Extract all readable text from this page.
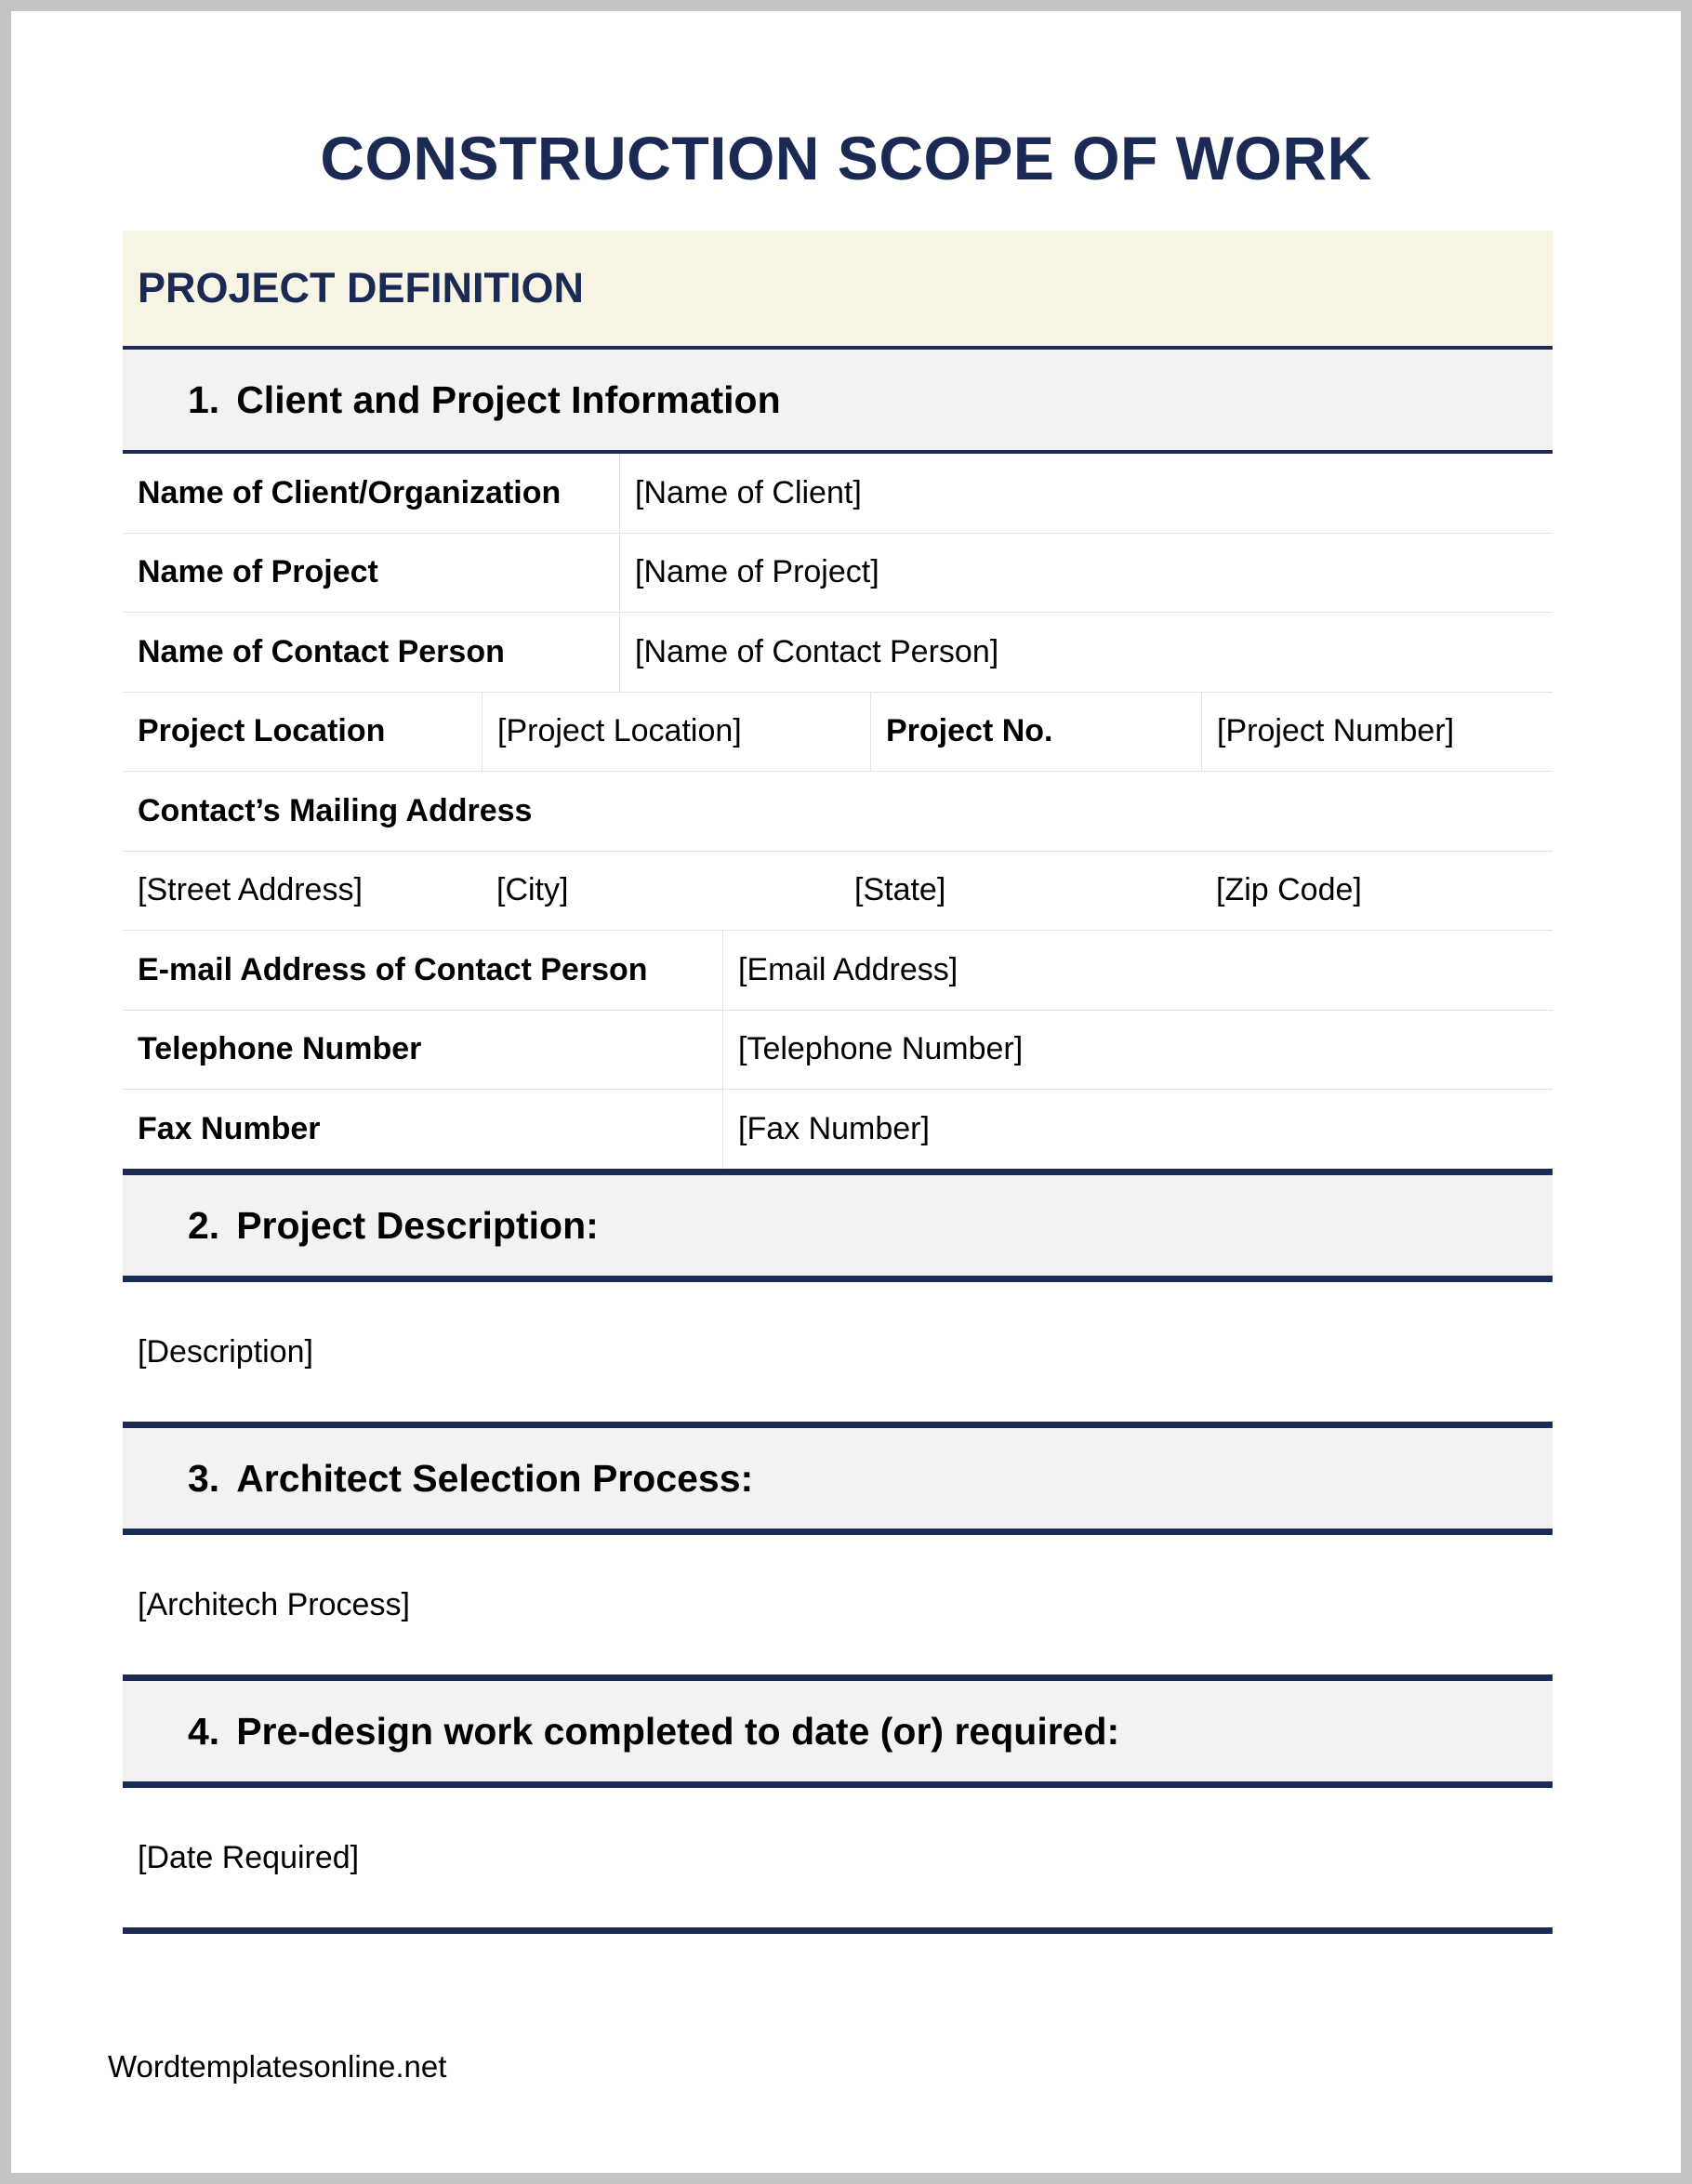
CONSTRUCTION SCOPE OF WORK
PROJECT DEFINITION
1. Client and Project Information
Name of Client/Organization	[Name of Client]
Name of Project	[Name of Project]
Name of Contact Person	[Name of Contact Person]
Project Location	[Project Location]	Project No.	[Project Number]
Contact’s Mailing Address
[Street Address]	[City]	[State]	[Zip Code]
E-mail Address of Contact Person	[Email Address]
Telephone Number	[Telephone Number]
Fax Number	[Fax Number]
2. Project Description:
[Description]
3. Architect Selection Process:
[Architech Process]
4. Pre-design work completed to date (or) required:
[Date Required]
Wordtemplatesonline.net
